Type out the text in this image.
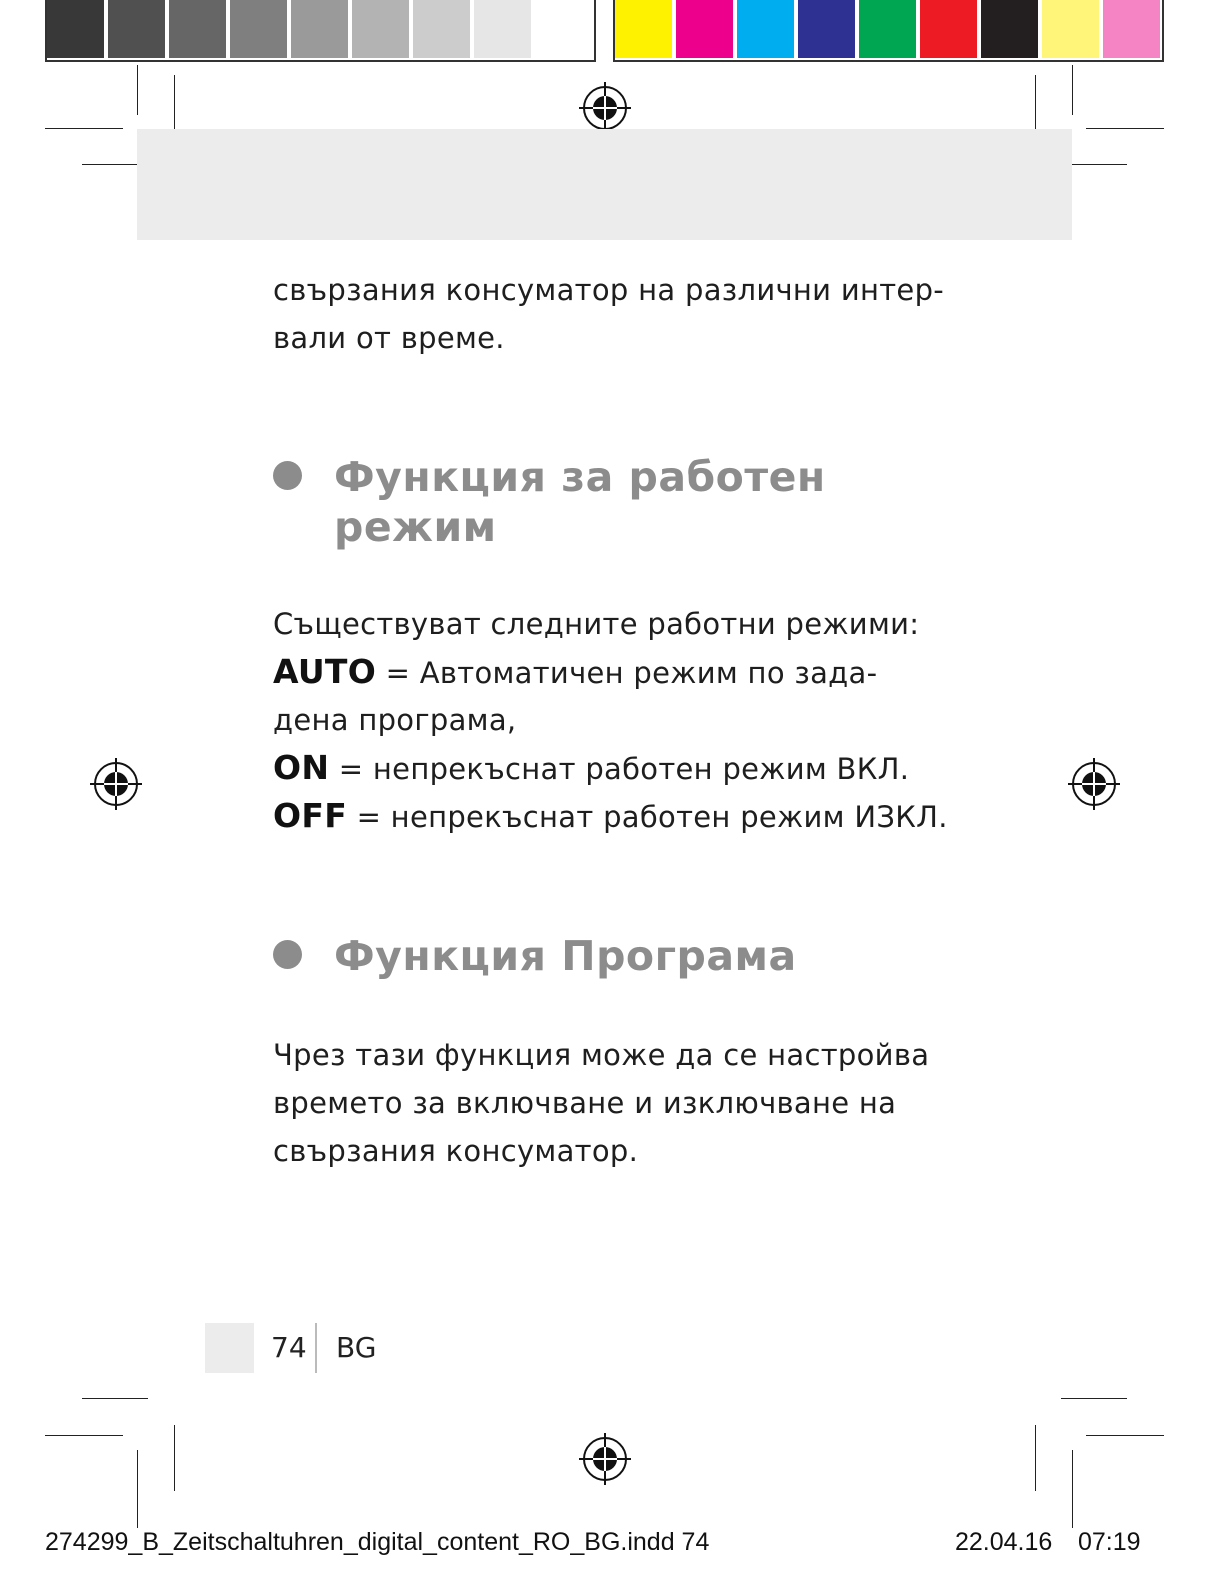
свързания консуматор на различни интер-
вали от време.
Функция за работен
режим
Съществуват следните работни режими:
AUTO = Автоматичен режим по зада-
дена програма,
ON = непрекъснат работен режим ВКЛ.
OFF = непрекъснат работен режим ИЗКЛ.
Функция Програма
Чрез тази функция може да се настройва
времето за включване и изключване на
свързания консуматор.
74 BG
274299_B_Zeitschaltuhren_digital_content_RO_BG.indd 74	22.04.16 07:19
